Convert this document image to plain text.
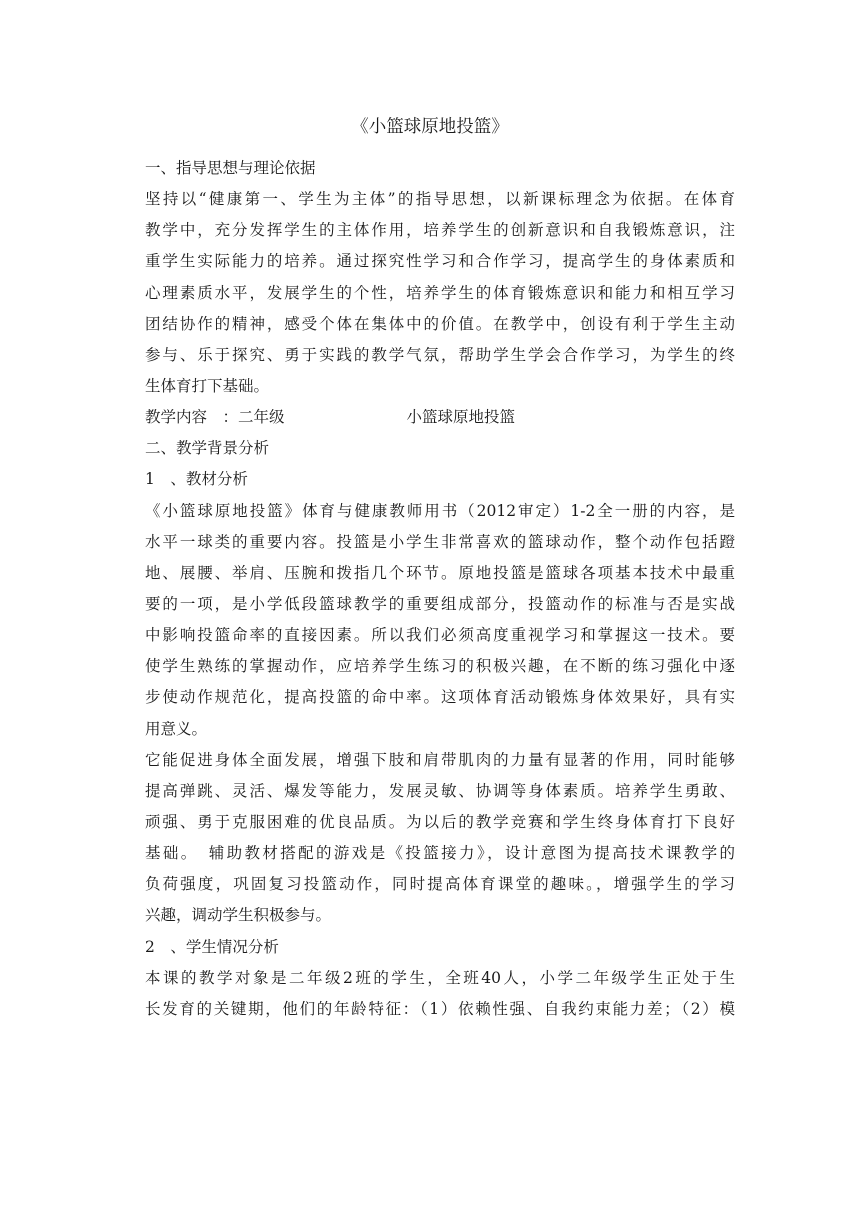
《小篮球原地投篮》
一、指导思想与理论依据
坚持以“健康第一、学生为主体”的指导思想，以新课标理念为依据。在体育
教学中，充分发挥学生的主体作用，培养学生的创新意识和自我锻炼意识，注
重学生实际能力的培养。通过探究性学习和合作学习，提高学生的身体素质和
心理素质水平，发展学生的个性，培养学生的体育锻炼意识和能力和相互学习
团结协作的精神，感受个体在集体中的价值。在教学中，创设有利于学生主动
参与、乐于探究、勇于实践的教学气氛，帮助学生学会合作学习，为学生的终
生体育打下基础。
教学内容　：二年级	小篮球原地投篮
二、教学背景分析
1　、教材分析
《小篮球原地投篮》体育与健康教师用书（2012审定）1-2全一册的内容，是
水平一球类的重要内容。投篮是小学生非常喜欢的篮球动作，整个动作包括蹬
地、展腰、举肩、压腕和拨指几个环节。原地投篮是篮球各项基本技术中最重
要的一项，是小学低段篮球教学的重要组成部分，投篮动作的标准与否是实战
中影响投篮命率的直接因素。所以我们必须高度重视学习和掌握这一技术。要
使学生熟练的掌握动作，应培养学生练习的积极兴趣，在不断的练习强化中逐
步使动作规范化，提高投篮的命中率。这项体育活动锻炼身体效果好，具有实
用意义。
它能促进身体全面发展，增强下肢和肩带肌肉的力量有显著的作用，同时能够
提高弹跳、灵活、爆发等能力，发展灵敏、协调等身体素质。培养学生勇敢、
顽强、勇于克服困难的优良品质。为以后的教学竞赛和学生终身体育打下良好
基础。　辅助教材搭配的游戏是《投篮接力》，设计意图为提高技术课教学的
负荷强度，巩固复习投篮动作，同时提高体育课堂的趣味。，增强学生的学习
兴趣，调动学生积极参与。
2　、学生情况分析
本课的教学对象是二年级2班的学生，全班40人，小学二年级学生正处于生
长发育的关键期，他们的年龄特征：（1）依赖性强、自我约束能力差；（2）模
